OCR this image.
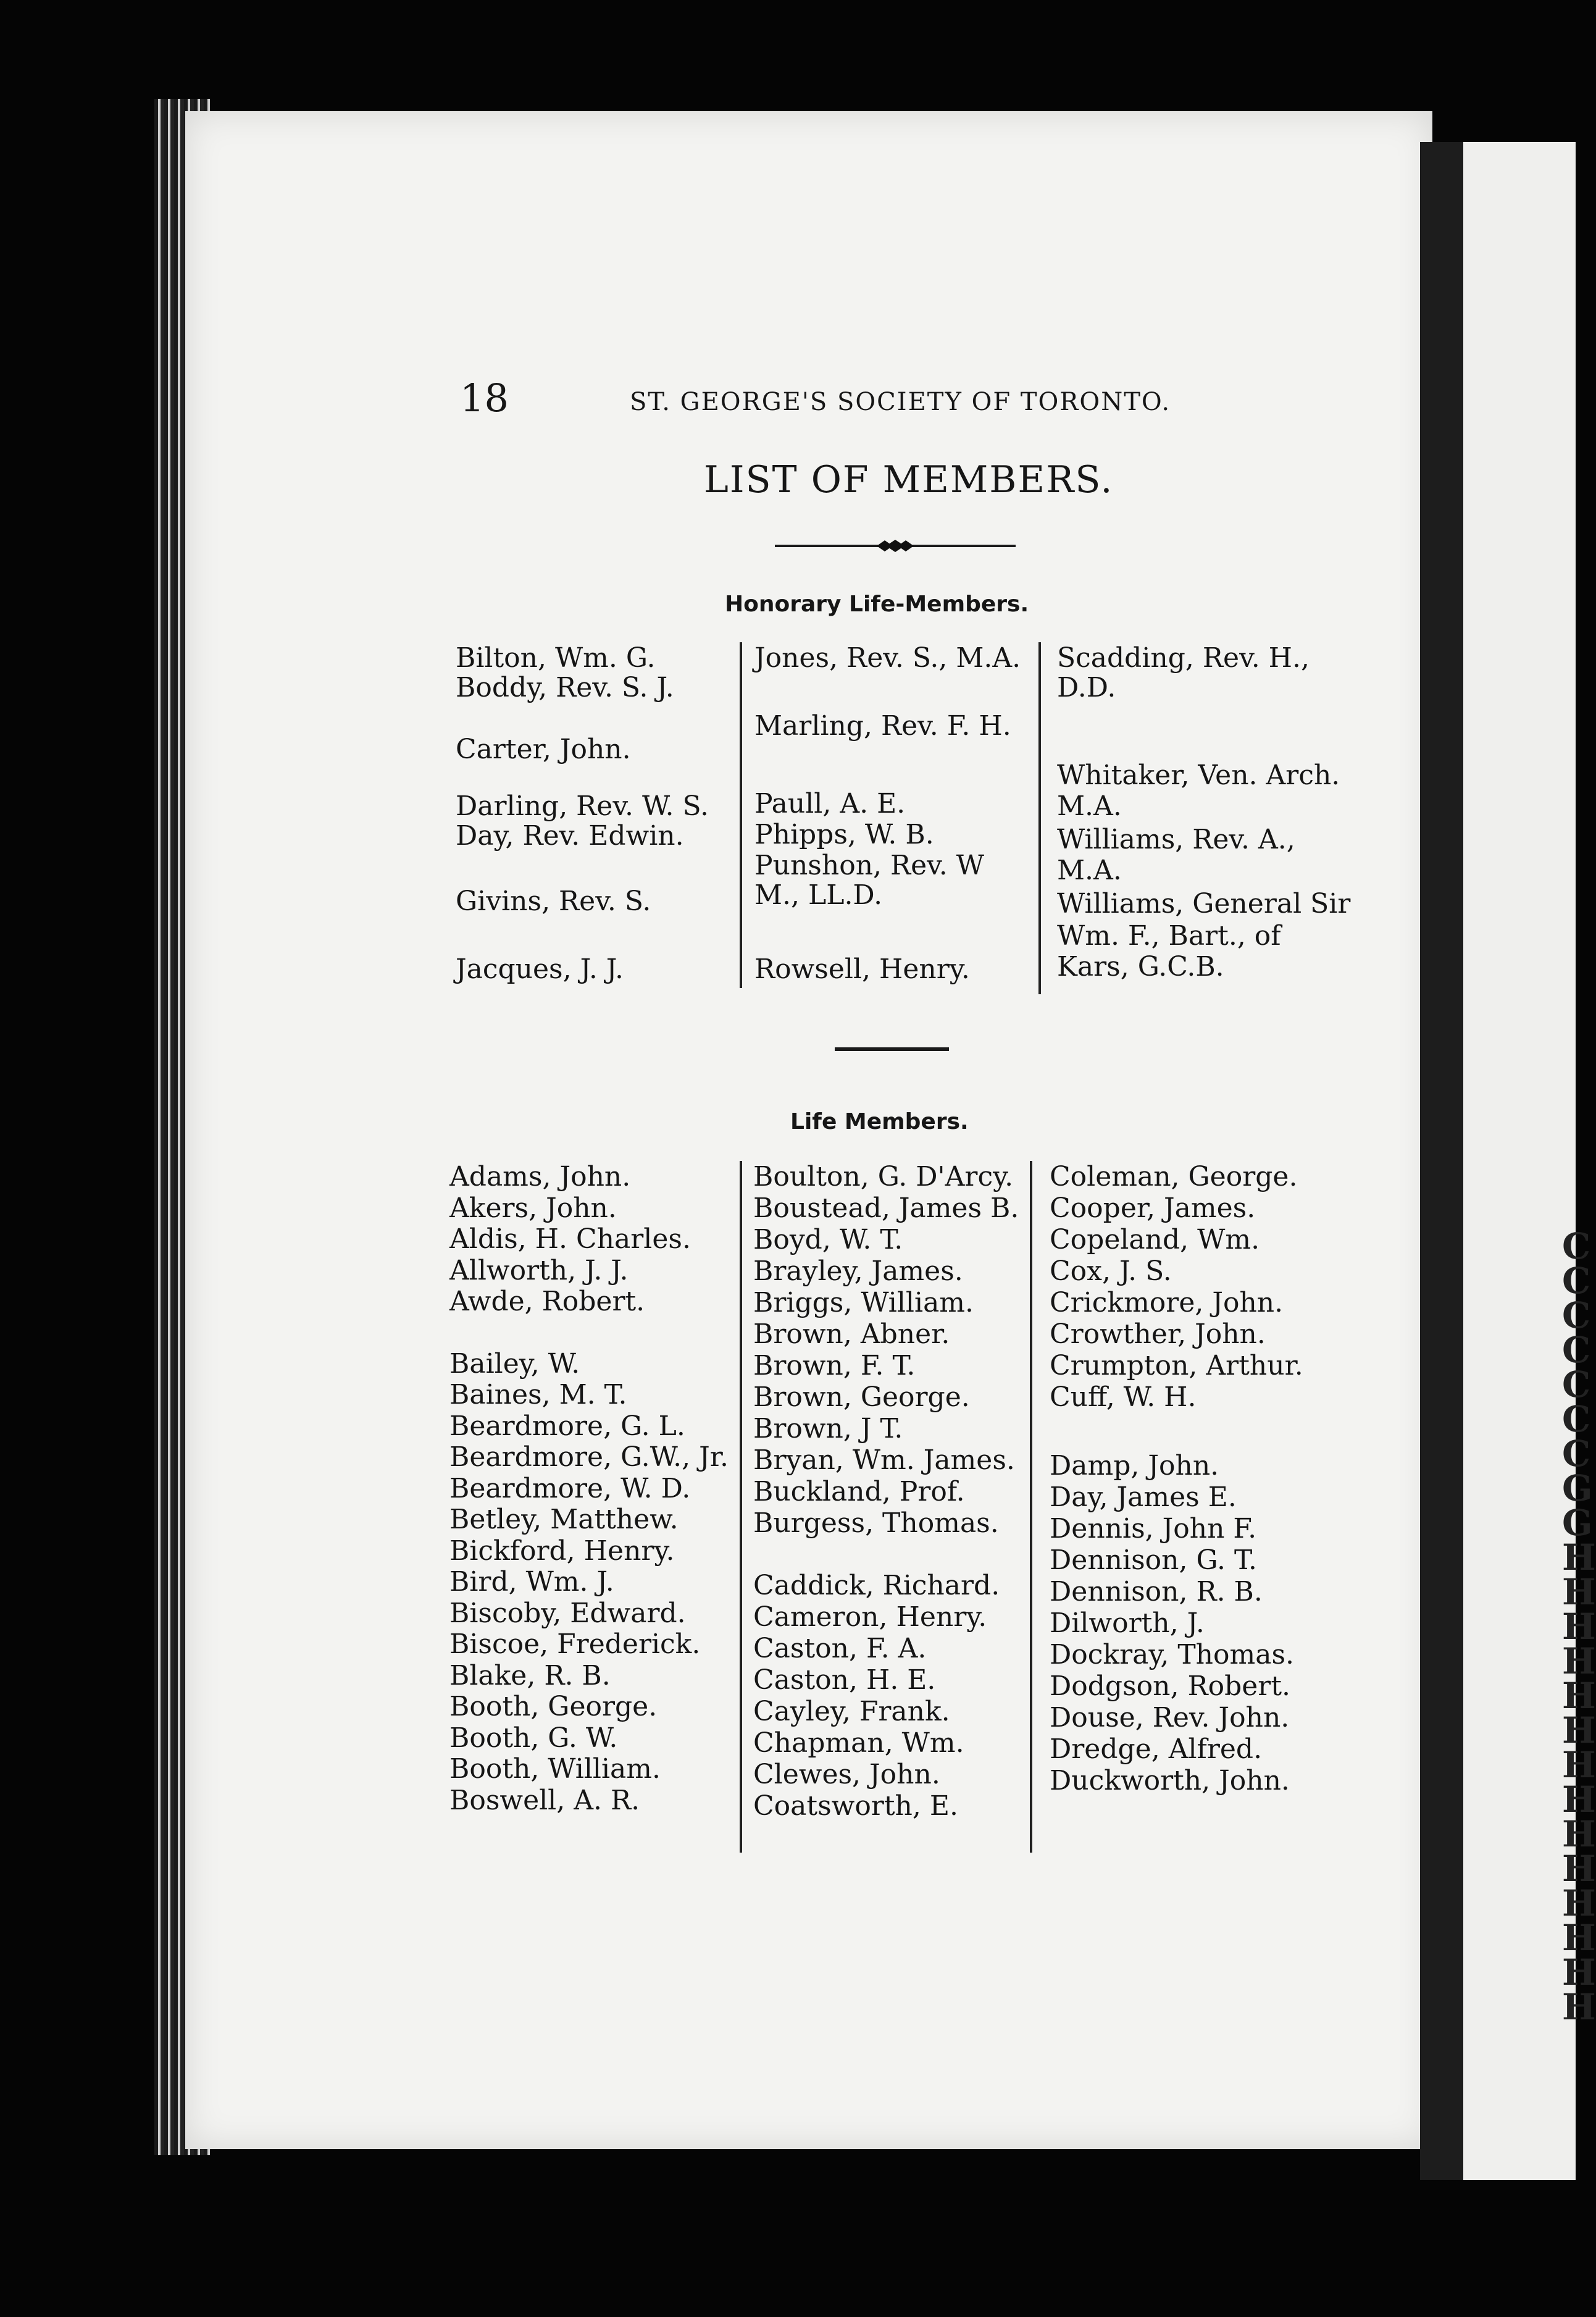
C
C
C
C
C
C
C
G
G
H
H
H
H
H
H
H
H
H
H
H
H
H
H
18	ST. GEORGE'S SOCIETY OF TORONTO.
LIST OF MEMBERS.
Honorary Life-Members.
Bilton, Wm. G.
Boddy, Rev. S. J.
Carter, John.
Darling, Rev. W. S.
Day, Rev. Edwin.
Givins, Rev. S.
Jacques, J. J.
Jones, Rev. S., M.A.
Marling, Rev. F. H.
Paull, A. E.
Phipps, W. B.
Punshon, Rev. W
M., LL.D.
Rowsell, Henry.
Scadding, Rev. H.,
D.D.
Whitaker, Ven. Arch.
M.A.
Williams, Rev. A.,
M.A.
Williams, General Sir
Wm. F., Bart., of
Kars, G.C.B.
Life Members.
Adams, John.
Akers, John.
Aldis, H. Charles.
Allworth, J. J.
Awde, Robert.
Bailey, W.
Baines, M. T.
Beardmore, G. L.
Beardmore, G.W., Jr.
Beardmore, W. D.
Betley, Matthew.
Bickford, Henry.
Bird, Wm. J.
Biscoby, Edward.
Biscoe, Frederick.
Blake, R. B.
Booth, George.
Booth, G. W.
Booth, William.
Boswell, A. R.
Boulton, G. D'Arcy.
Boustead, James B.
Boyd, W. T.
Brayley, James.
Briggs, William.
Brown, Abner.
Brown, F. T.
Brown, George.
Brown, J T.
Bryan, Wm. James.
Buckland, Prof.
Burgess, Thomas.
Caddick, Richard.
Cameron, Henry.
Caston, F. A.
Caston, H. E.
Cayley, Frank.
Chapman, Wm.
Clewes, John.
Coatsworth, E.
Coleman, George.
Cooper, James.
Copeland, Wm.
Cox, J. S.
Crickmore, John.
Crowther, John.
Crumpton, Arthur.
Cuff, W. H.
Damp, John.
Day, James E.
Dennis, John F.
Dennison, G. T.
Dennison, R. B.
Dilworth, J.
Dockray, Thomas.
Dodgson, Robert.
Douse, Rev. John.
Dredge, Alfred.
Duckworth, John.
